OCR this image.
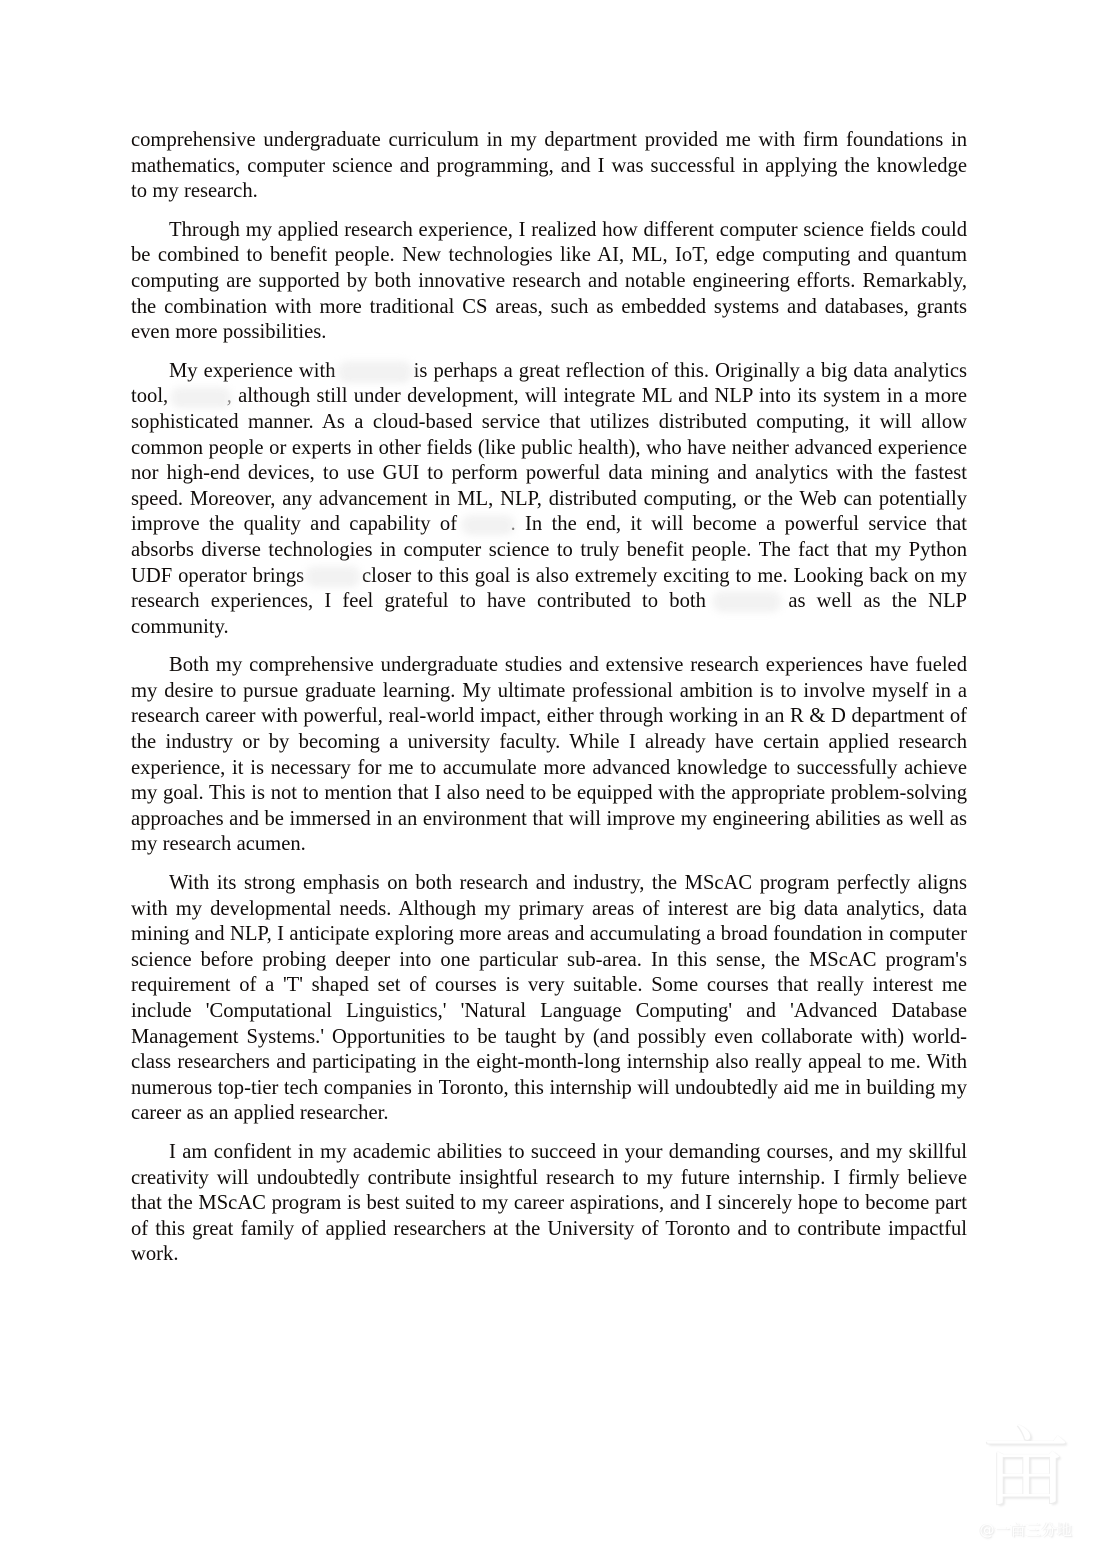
comprehensive undergraduate curriculum in my department provided me with firm foundations in mathematics, computer science and programming, and I was successful in applying the knowledge to my research.

Through my applied research experience, I realized how different computer science fields could be combined to benefit people. New technologies like AI, ML, IoT, edge computing and quantum computing are supported by both innovative research and notable engineering efforts. Remarkably, the combination with more traditional CS areas, such as embedded systems and databases, grants even more possibilities.

My experience with	is perhaps a great reflection of this. Originally a big data analytics tool,	, although still under development, will integrate ML and NLP into its system in a more sophisticated manner. As a cloud-based service that utilizes distributed computing, it will allow common people or experts in other fields (like public health), who have neither advanced experience nor high-end devices, to use GUI to perform powerful data mining and analytics with the fastest speed. Moreover, any advancement in ML, NLP, distributed computing, or the Web can potentially improve the quality and capability of . In the end, it will become a powerful service that absorbs diverse technologies in computer science to truly benefit people. The fact that my Python UDF operator brings  closer to this goal is also extremely exciting to me. Looking back on my research experiences, I feel grateful to have contributed to both	as well as the NLP community.

Both my comprehensive undergraduate studies and extensive research experiences have fueled my desire to pursue graduate learning. My ultimate professional ambition is to involve myself in a research career with powerful, real-world impact, either through working in an R & D department of the industry or by becoming a university faculty. While I already have certain applied research experience, it is necessary for me to accumulate more advanced knowledge to successfully achieve my goal. This is not to mention that I also need to be equipped with the appropriate problem-solving approaches and be immersed in an environment that will improve my engineering abilities as well as my research acumen.

With its strong emphasis on both research and industry, the MScAC program perfectly aligns with my developmental needs. Although my primary areas of interest are big data analytics, data mining and NLP, I anticipate exploring more areas and accumulating a broad foundation in computer science before probing deeper into one particular sub-area. In this sense, the MScAC program's requirement of a 'T' shaped set of courses is very suitable. Some courses that really interest me include 'Computational Linguistics,' 'Natural Language Computing' and 'Advanced Database Management Systems.' Opportunities to be taught by (and possibly even collaborate with) world-class researchers and participating in the eight-month-long internship also really appeal to me. With numerous top-tier tech companies in Toronto, this internship will undoubtedly aid me in building my career as an applied researcher.

I am confident in my academic abilities to succeed in your demanding courses, and my skillful creativity will undoubtedly contribute insightful research to my future internship. I firmly believe that the MScAC program is best suited to my career aspirations, and I sincerely hope to become part of this great family of applied researchers at the University of Toronto and to contribute impactful work.

亩
@一亩三分地
